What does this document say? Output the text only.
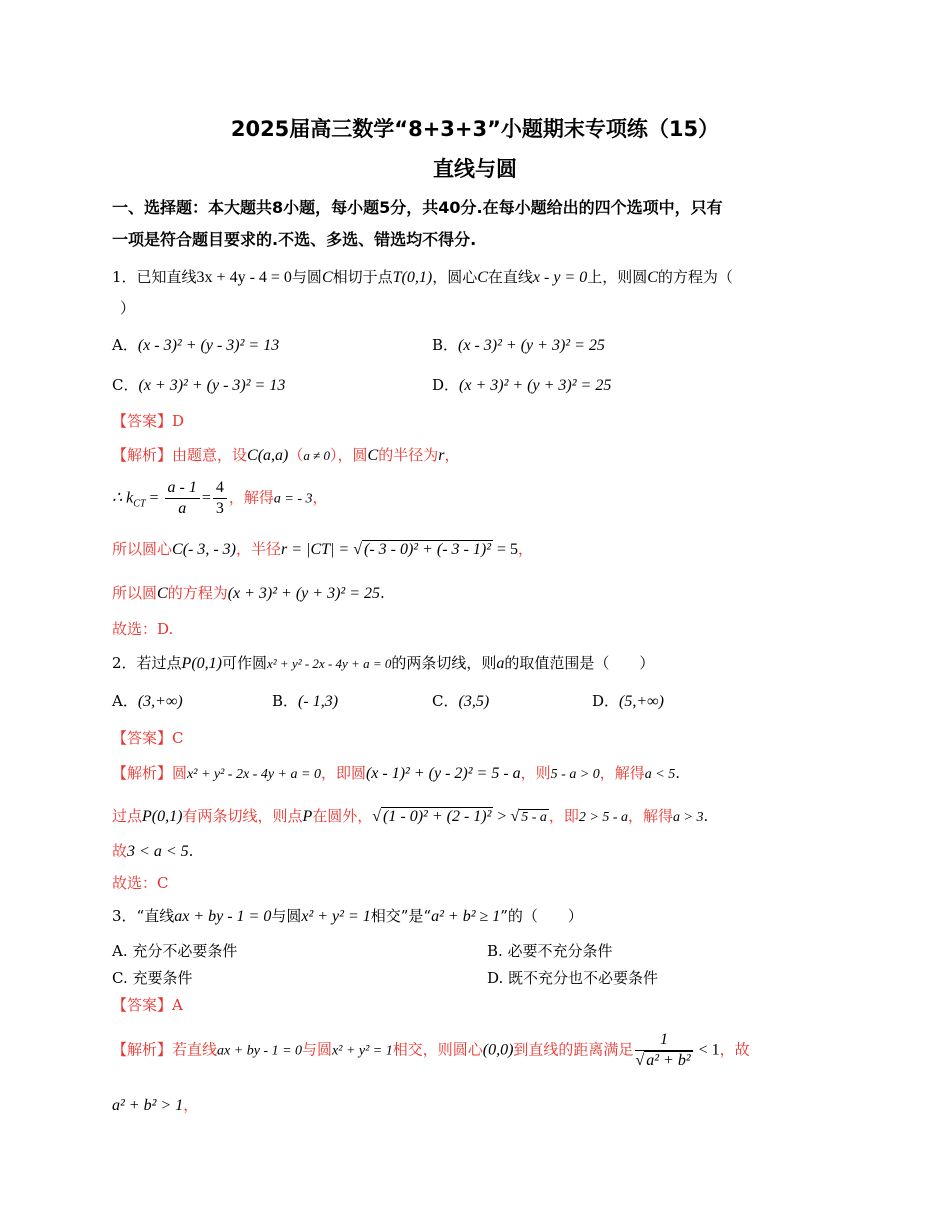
2025届高三数学“8+3+3”小题期末专项练（15）
直线与圆
一、选择题：本大题共8小题，每小题5分，共40分.在每小题给出的四个选项中，只有
一项是符合题目要求的.不选、多选、错选均不得分.
1．已知直线3x + 4y - 4 = 0与圆C相切于点T(0,1)，圆心C在直线x - y = 0上，则圆C的方程为（
）
A．(x - 3)² + (y - 3)² = 13	B．(x - 3)² + (y + 3)² = 25
C．(x + 3)² + (y - 3)² = 13	D．(x + 3)² + (y + 3)² = 25
【答案】D
【解析】由题意，设C(a,a)（a ≠ 0），圆C的半径为r，
∴ $k_{CT} = \frac{a - 1}{a} = \frac{4}{3}$ ，解得a = - 3，
所以圆心C(- 3, - 3)，半径r = |CT| = √ (- 3 - 0)² + (- 3 - 1)² = 5，
所以圆C的方程为(x + 3)² + (y + 3)² = 25.
故选：D.
2．若过点P(0,1)可作圆x² + y² - 2x - 4y + a = 0的两条切线，则a的取值范围是（　　）
A．(3,+∞)	B．(- 1,3)	C．(3,5)	D．(5,+∞)
【答案】C
【解析】圆x² + y² - 2x - 4y + a = 0，即圆(x - 1)² + (y - 2)² = 5 - a，则5 - a > 0，解得a < 5.
过点P(0,1)有两条切线，则点P在圆外，√ (1 - 0)² + (2 - 1)² > √ 5 - a ，即2 > 5 - a，解得a > 3.
故3 < a < 5.
故选：C
3．“直线ax + by - 1 = 0与圆x² + y² = 1相交”是“a² + b² ≥ 1”的（　　）
A. 充分不必要条件	B. 必要不充分条件
C. 充要条件	D. 既不充分也不必要条件
【答案】A
【解析】若直线ax + by - 1 = 0与圆x² + y² = 1相交，则圆心(0,0)到直线的距离满足 $\frac{1}{\text{√ a² + b²}} < 1$，故
a² + b² > 1，
